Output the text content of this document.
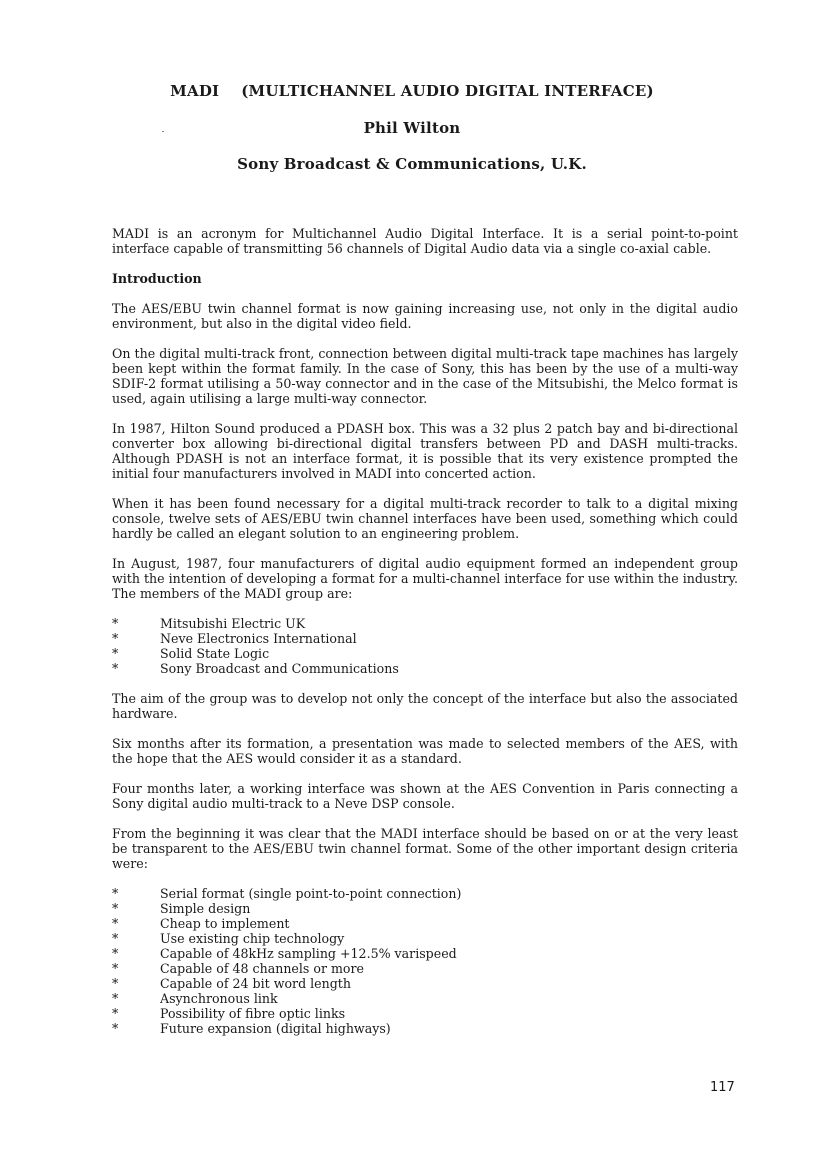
MADI (MULTICHANNEL AUDIO DIGITAL INTERFACE)
Phil Wilton
Sony Broadcast & Communications, U.K.

MADI is an acronym for Multichannel Audio Digital Interface. It is a serial point-to-point interface capable of transmitting 56 channels of Digital Audio data via a single co-axial cable.

Introduction

The AES/EBU twin channel format is now gaining increasing use, not only in the digital audio environment, but also in the digital video field.

On the digital multi-track front, connection between digital multi-track tape machines has largely been kept within the format family. In the case of Sony, this has been by the use of a multi-way SDIF-2 format utilising a 50-way connector and in the case of the Mitsubishi, the Melco format is used, again utilising a large multi-way connector.

In 1987, Hilton Sound produced a PDASH box. This was a 32 plus 2 patch bay and bi-directional converter box allowing bi-directional digital transfers between PD and DASH multi-tracks. Although PDASH is not an interface format, it is possible that its very existence prompted the initial four manufacturers involved in MADI into concerted action.

When it has been found necessary for a digital multi-track recorder to talk to a digital mixing console, twelve sets of AES/EBU twin channel interfaces have been used, something which could hardly be called an elegant solution to an engineering problem.

In August, 1987, four manufacturers of digital audio equipment formed an independent group with the intention of developing a format for a multi-channel interface for use within the industry. The members of the MADI group are:

* Mitsubishi Electric UK
* Neve Electronics International
* Solid State Logic
* Sony Broadcast and Communications

The aim of the group was to develop not only the concept of the interface but also the associated hardware.

Six months after its formation, a presentation was made to selected members of the AES, with the hope that the AES would consider it as a standard.

Four months later, a working interface was shown at the AES Convention in Paris connecting a Sony digital audio multi-track to a Neve DSP console.

From the beginning it was clear that the MADI interface should be based on or at the very least be transparent to the AES/EBU twin channel format. Some of the other important design criteria were:

* Serial format (single point-to-point connection)
* Simple design
* Cheap to implement
* Use existing chip technology
* Capable of 48kHz sampling +12.5% varispeed
* Capable of 48 channels or more
* Capable of 24 bit word length
* Asynchronous link
* Possibility of fibre optic links
* Future expansion (digital highways)
117
